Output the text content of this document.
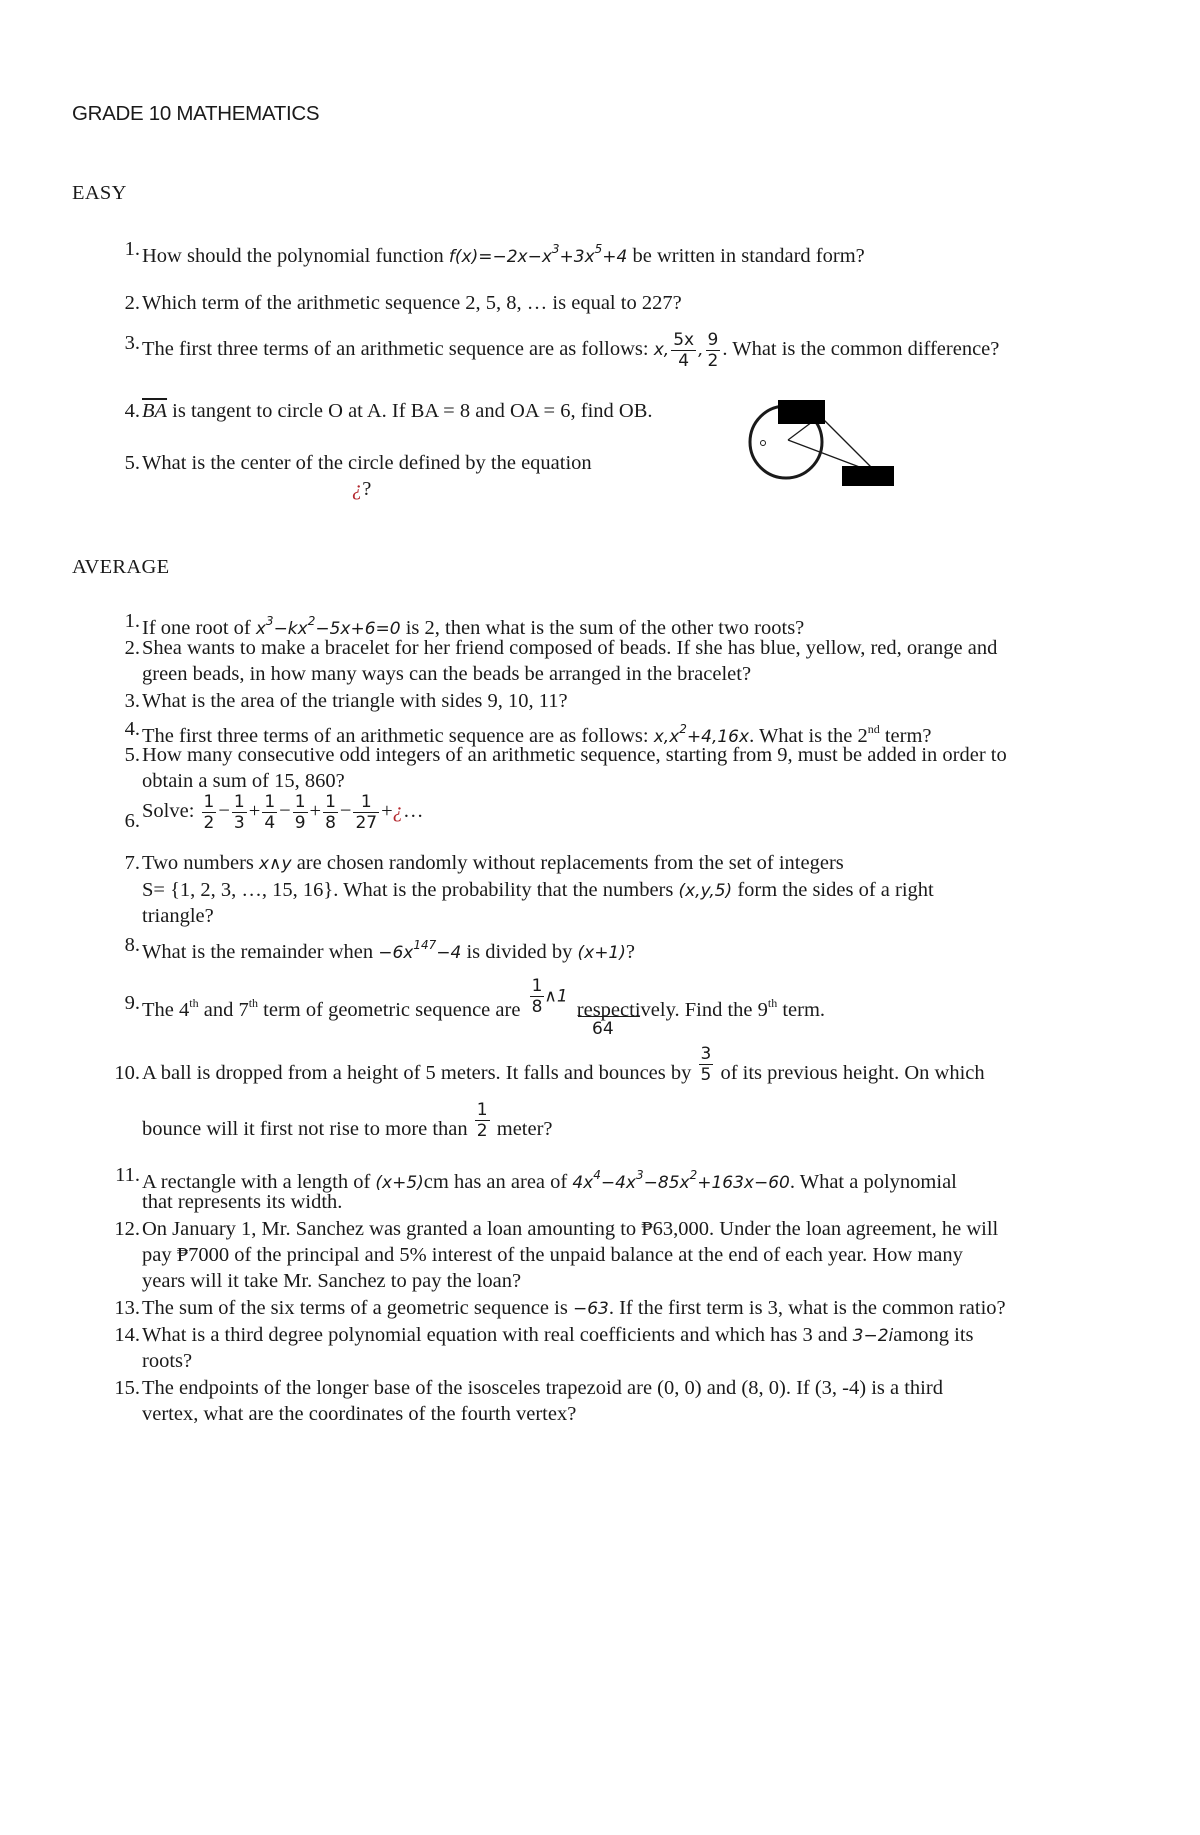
GRADE 10 MATHEMATICS
EASY
1. How should the polynomial function $f(x)=-2x-x^3+3x^5+4$ be written in standard form?
2. Which term of the arithmetic sequence 2, 5, 8, … is equal to 227?
3. The first three terms of an arithmetic sequence are as follows: x, $\frac{5x}{4}$ , $\frac{9}{2}$ . What is the common difference?
4. $\overline{BA}$ is tangent to circle O at A. If BA = 8 and OA = 6, find OB.
5. What is the center of the circle defined by the equation
¿?
AVERAGE
1. If one root of $x^3-kx^2-5x+6=0$ is 2, then what is the sum of the other two roots?
2. Shea wants to make a bracelet for her friend composed of beads. If she has blue, yellow, red, orange and
green beads, in how many ways can the beads be arranged in the bracelet?
3. What is the area of the triangle with sides 9, 10, 11?
4. The first three terms of an arithmetic sequence are as follows: $x,x^2+4,16x$. What is the 2nd term?
5. How many consecutive odd integers of an arithmetic sequence, starting from 9, must be added in order to
obtain a sum of 15, 860?
6. Solve: $\frac{1}{2} - \frac{1}{3} + \frac{1}{4} - \frac{1}{9} + \frac{1}{8} - \frac{1}{27}$ +¿…
7. Two numbers x∧y are chosen randomly without replacements from the set of integers
S= {1, 2, 3, …, 15, 16}. What is the probability that the numbers (x,y,5) form the sides of a right
triangle?
8. What is the remainder when $-6x^{147}-4$ is divided by (x+1)?
9. The 4th and 7th term of geometric sequence are $\frac{1}{8}$ ∧1
respectively. Find the 9th term.
64
10. A ball is dropped from a height of 5 meters. It falls and bounces by $\frac{3}{5}$ of its previous height. On which
bounce will it first not rise to more than $\frac{1}{2}$ meter?
11. A rectangle with a length of (x+5)cm has an area of $4x^4-4x^3-85x^2+163x-60$. What a polynomial
that represents its width.
12. On January 1, Mr. Sanchez was granted a loan amounting to ₱63,000. Under the loan agreement, he will
pay ₱7000 of the principal and 5% interest of the unpaid balance at the end of each year. How many
years will it take Mr. Sanchez to pay the loan?
13. The sum of the six terms of a geometric sequence is −63. If the first term is 3, what is the common ratio?
14. What is a third degree polynomial equation with real coefficients and which has 3 and 3−2iamong its
roots?
15. The endpoints of the longer base of the isosceles trapezoid are (0, 0) and (8, 0). If (3, -4) is a third
vertex, what are the coordinates of the fourth vertex?
